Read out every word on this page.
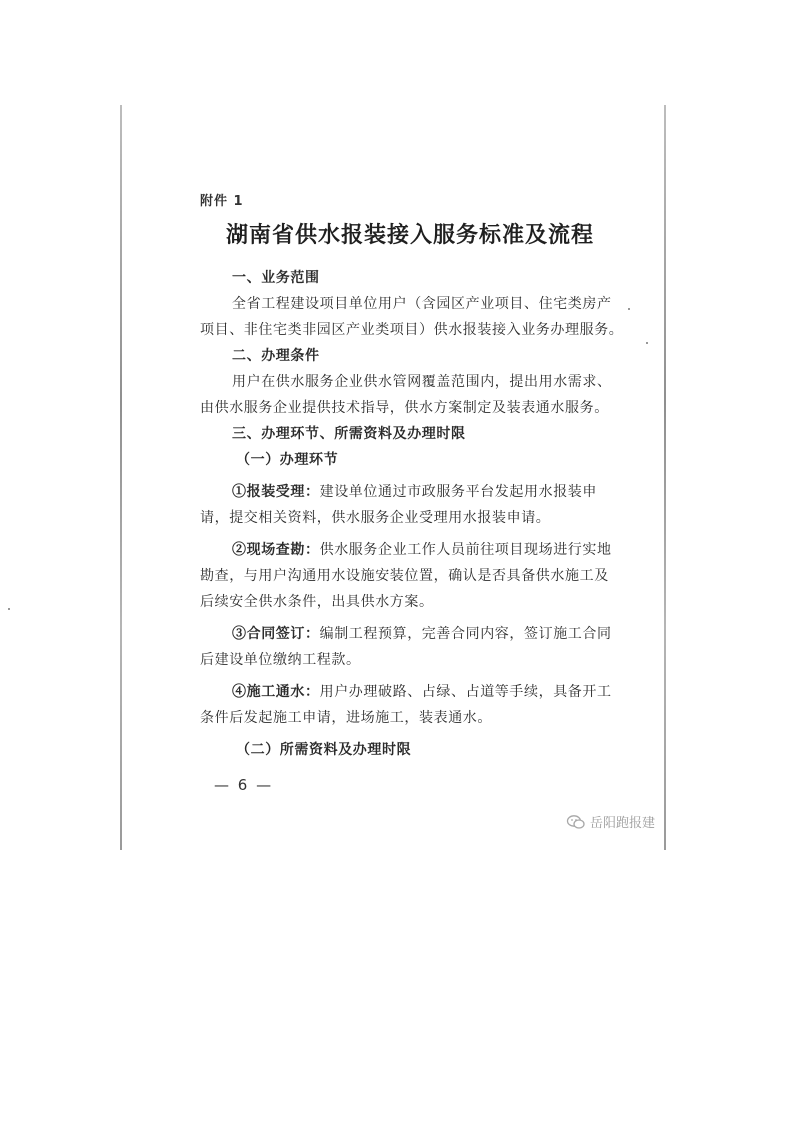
附件 1

湖南省供水报装接入服务标准及流程

一、业务范围

全省工程建设项目单位用户（含园区产业项目、住宅类房产

项目、非住宅类非园区产业类项目）供水报装接入业务办理服务。

二、办理条件

用户在供水服务企业供水管网覆盖范围内，提出用水需求、

由供水服务企业提供技术指导，供水方案制定及装表通水服务。

三、办理环节、所需资料及办理时限

（一）办理环节

①报装受理：建设单位通过市政服务平台发起用水报装申

请，提交相关资料，供水服务企业受理用水报装申请。

②现场查勘：供水服务企业工作人员前往项目现场进行实地

勘查，与用户沟通用水设施安装位置，确认是否具备供水施工及

后续安全供水条件，出具供水方案。

③合同签订：编制工程预算，完善合同内容，签订施工合同

后建设单位缴纳工程款。

④施工通水：用户办理破路、占绿、占道等手续，具备开工

条件后发起施工申请，进场施工，装表通水。

（二）所需资料及办理时限

— 6 —
岳阳跑报建
